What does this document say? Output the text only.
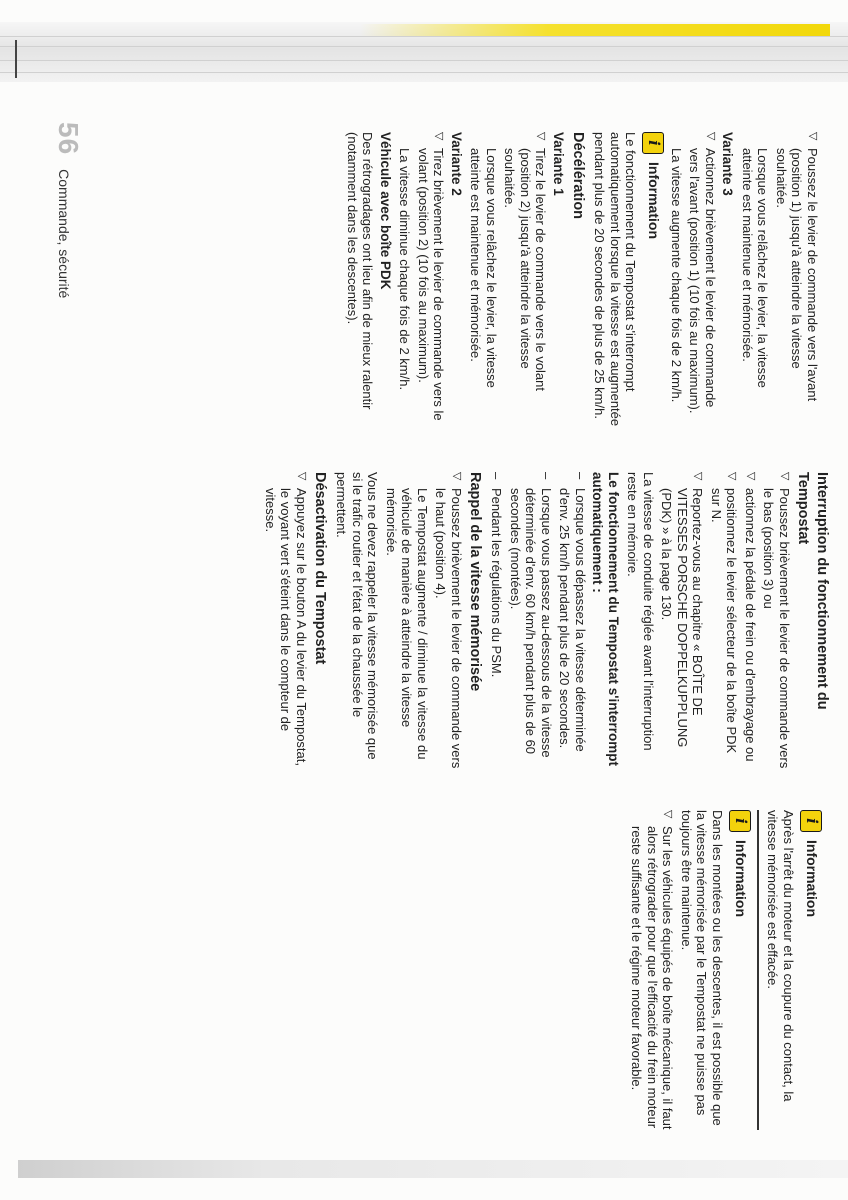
56
Commande, sécurité
▽
Poussez le levier de commande vers l'avant (position 1) jusqu'à atteindre la vitesse souhaitée.

Lorsque vous relâchez le levier, la vitesse atteinte est maintenue et mémorisée.

Variante 3
▽
Actionnez brièvement le levier de commande vers l'avant (position 1) (10 fois au maximum).

La vitesse augmente chaque fois de 2 km/h.

i
Information

Le fonctionnement du Tempostat s'interrompt automatiquement lorsque la vitesse est augmentée pendant plus de 20 secondes de plus de 25 km/h.

Décélération
Variante 1
▽
Tirez le levier de commande vers le volant (position 2) jusqu'à atteindre la vitesse souhaitée.

Lorsque vous relâchez le levier, la vitesse atteinte est maintenue et mémorisée.

Variante 2
▽
Tirez brièvement le levier de commande vers le volant (position 2) (10 fois au maximum).

La vitesse diminue chaque fois de 2 km/h.

Véhicule avec boîte PDK

Des rétrogradages ont lieu afin de mieux ralentir (notamment dans les descentes).

Interruption du fonctionnement du
Tempostat
▽
Poussez brièvement le levier de commande vers le bas (position 3) ou
▽
actionnez la pédale de frein ou d'embrayage ou
▽
positionnez le levier sélecteur de la boîte PDK sur N.
▽
Reportez-vous au chapitre « BOÎTE DE VITESSES PORSCHE DOPPELKUPPLUNG (PDK) » à la page 130.

La vitesse de conduite réglée avant l'interruption reste en mémoire.

Le fonctionnement du Tempostat s'interrompt automatiquement :
–
Lorsque vous dépassez la vitesse déterminée d'env. 25 km/h pendant plus de 20 secondes.
–
Lorsque vous passez au-dessous de la vitesse déterminée d'env. 60 km/h pendant plus de 60 secondes (montées).
–
Pendant les régulations du PSM.
Rappel de la vitesse mémorisée
▽
Poussez brièvement le levier de commande vers le haut (position 4).

Le Tempostat augmente / diminue la vitesse du véhicule de manière à atteindre la vitesse mémorisée.

Vous ne devez rappeler la vitesse mémorisée que si le trafic routier et l'état de la chaussée le permettent.

Désactivation du Tempostat
▽
Appuyez sur le bouton A du levier du Tempostat, le voyant vert s'éteint dans le compteur de vitesse.
i
Information

Après l'arrêt du moteur et la coupure du contact, la vitesse mémorisée est effacée.

i
Information

Dans les montées ou les descentes, il est possible que la vitesse mémorisée par le Tempostat ne puisse pas toujours être maintenue.

▽
Sur les véhicules équipés de boîte mécanique, il faut alors rétrograder pour que l'efficacité du frein moteur reste suffisante et le régime moteur favorable.
